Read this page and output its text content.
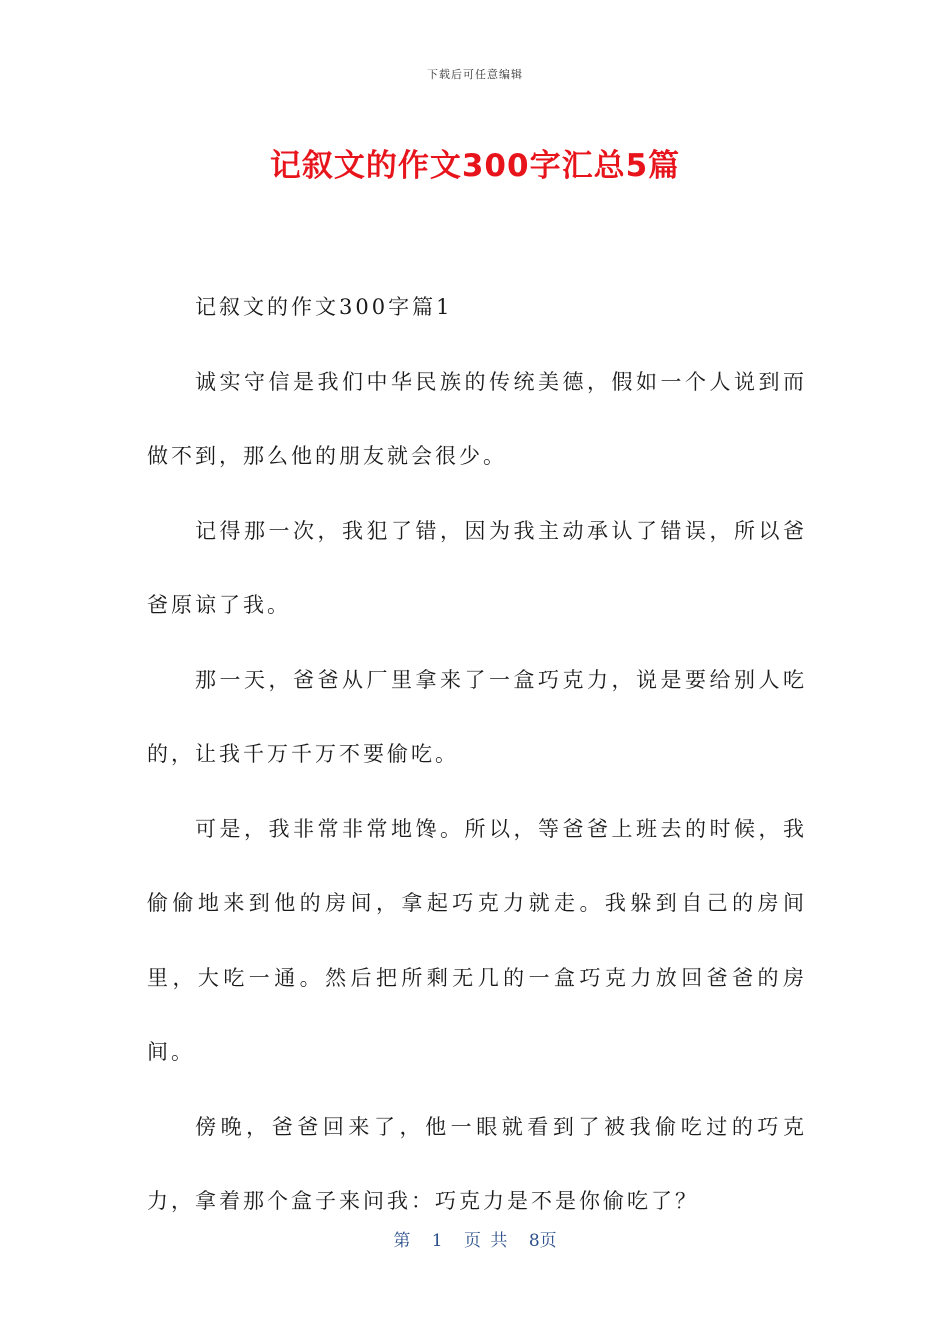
下载后可任意编辑
记叙文的作文300字汇总5篇

记叙文的作文300字篇1

诚实守信是我们中华民族的传统美德，假如一个人说到而做不到，那么他的朋友就会很少。

记得那一次，我犯了错，因为我主动承认了错误，所以爸爸原谅了我。

那一天，爸爸从厂里拿来了一盒巧克力，说是要给别人吃的，让我千万千万不要偷吃。

可是，我非常非常地馋。所以，等爸爸上班去的时候，我偷偷地来到他的房间，拿起巧克力就走。我躲到自己的房间里，大吃一通。然后把所剩无几的一盒巧克力放回爸爸的房间。

傍晚，爸爸回来了，他一眼就看到了被我偷吃过的巧克力，拿着那个盒子来问我：巧克力是不是你偷吃了？

第 1 页 共 8页
